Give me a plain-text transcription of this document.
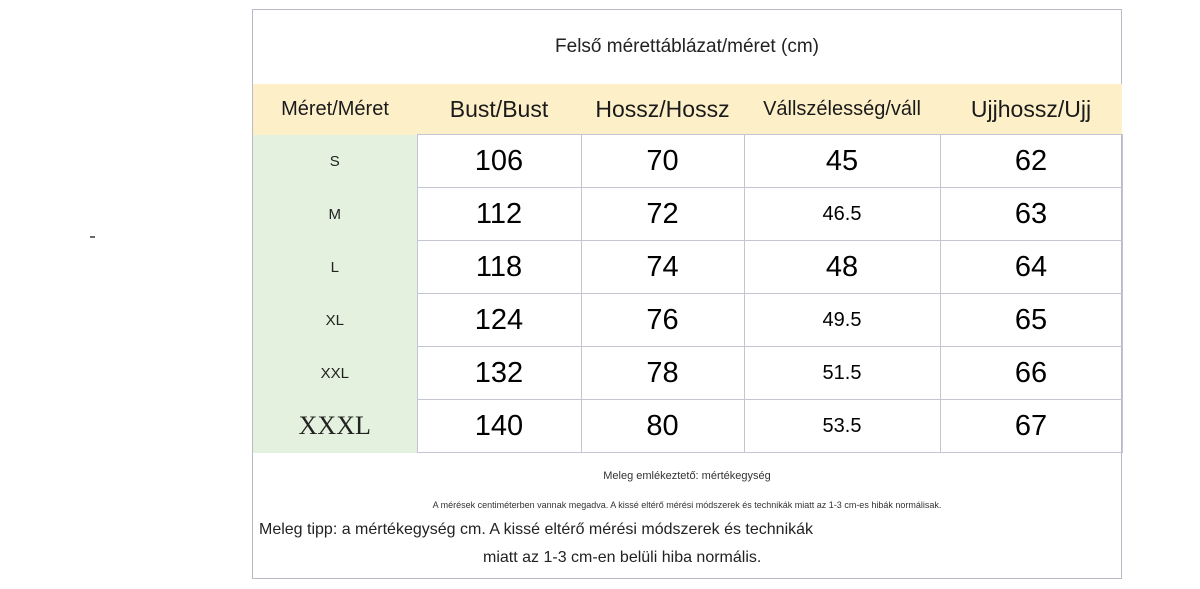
Felső mérettáblázat/méret (cm)
Méret/Méret	Bust/Bust	Hossz/Hossz	Vállszélesség/váll	Ujjhossz/Ujj
S	106	70	45	62
M	112	72	46.5	63
L	118	74	48	64
XL	124	76	49.5	65
XXL	132	78	51.5	66
XXXL	140	80	53.5	67
Meleg emlékeztető: mértékegység
A mérések centiméterben vannak megadva. A kissé eltérő mérési módszerek és technikák miatt az 1-3 cm-es hibák normálisak.
Meleg tipp: a mértékegység cm. A kissé eltérő mérési módszerek és technikák
miatt az 1-3 cm-en belüli hiba normális.
